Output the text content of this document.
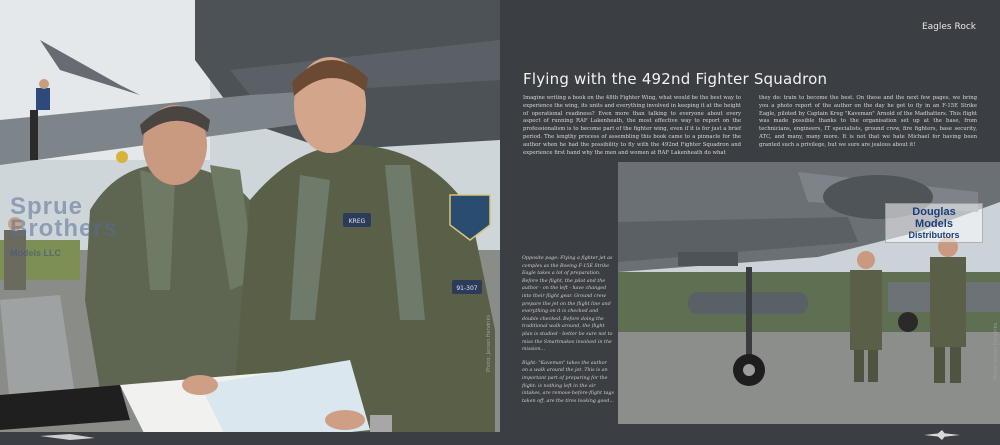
KREG
91-307
Sprue
Brothers
Models LLC
Photo: Jeroen Hendriks
Eagles Rock
Flying with the 492nd Fighter Squadron
Imagine writing a book on the 48th Fighter Wing, what would be the best way to experience the wing, its units and everything involved in keeping it at the height of operational readiness? Even more than talking to everyone about every aspect of running RAF Lakenheath, the most effective way to report on the professionalism is to become part of the fighter wing, even if it is for just a brief period. The lengthy process of assembling this book came to a pinnacle for the author when he had the possibility to fly with the 492nd Fighter Squadron and experience first hand why the men and women at RAF Lakenheath do what
they do: train to become the best. On these and the next few pages, we bring you a photo report of the author on the day he got to fly in an F-15E Strike Eagle, piloted by Captain Kreg "Kaveman" Arnold of the Madhatters. This flight was made possible thanks to the organisation set up at the base, from technicians, engineers, IT specialists, ground crew, fire fighters, base security, ATC, and many, many more. It is not that we hate Michael for having been granted such a privilege, but we sure are jealous about it!

Opposite page: Flying a fighter jet as complex as the Boeing F-15E Strike Eagle takes a lot of preparation. Before the flight, the pilot and the author - on the left - have changed into their flight gear. Ground crew prepare the jet on the flight line and everything on it is checked and double checked. Before doing the traditional walk-around, the flight plan is studied - better be sure not to miss the Smartmakes involved in the mission...

Right: "Kaveman" takes the author on a walk around the jet. This is an important part of preparing for the flight: is nothing left in the air intakes, are remove-before-flight tags taken off, are the tires looking good...

Douglas
Models
Distributors
Photo: Jeroen Hendriks
